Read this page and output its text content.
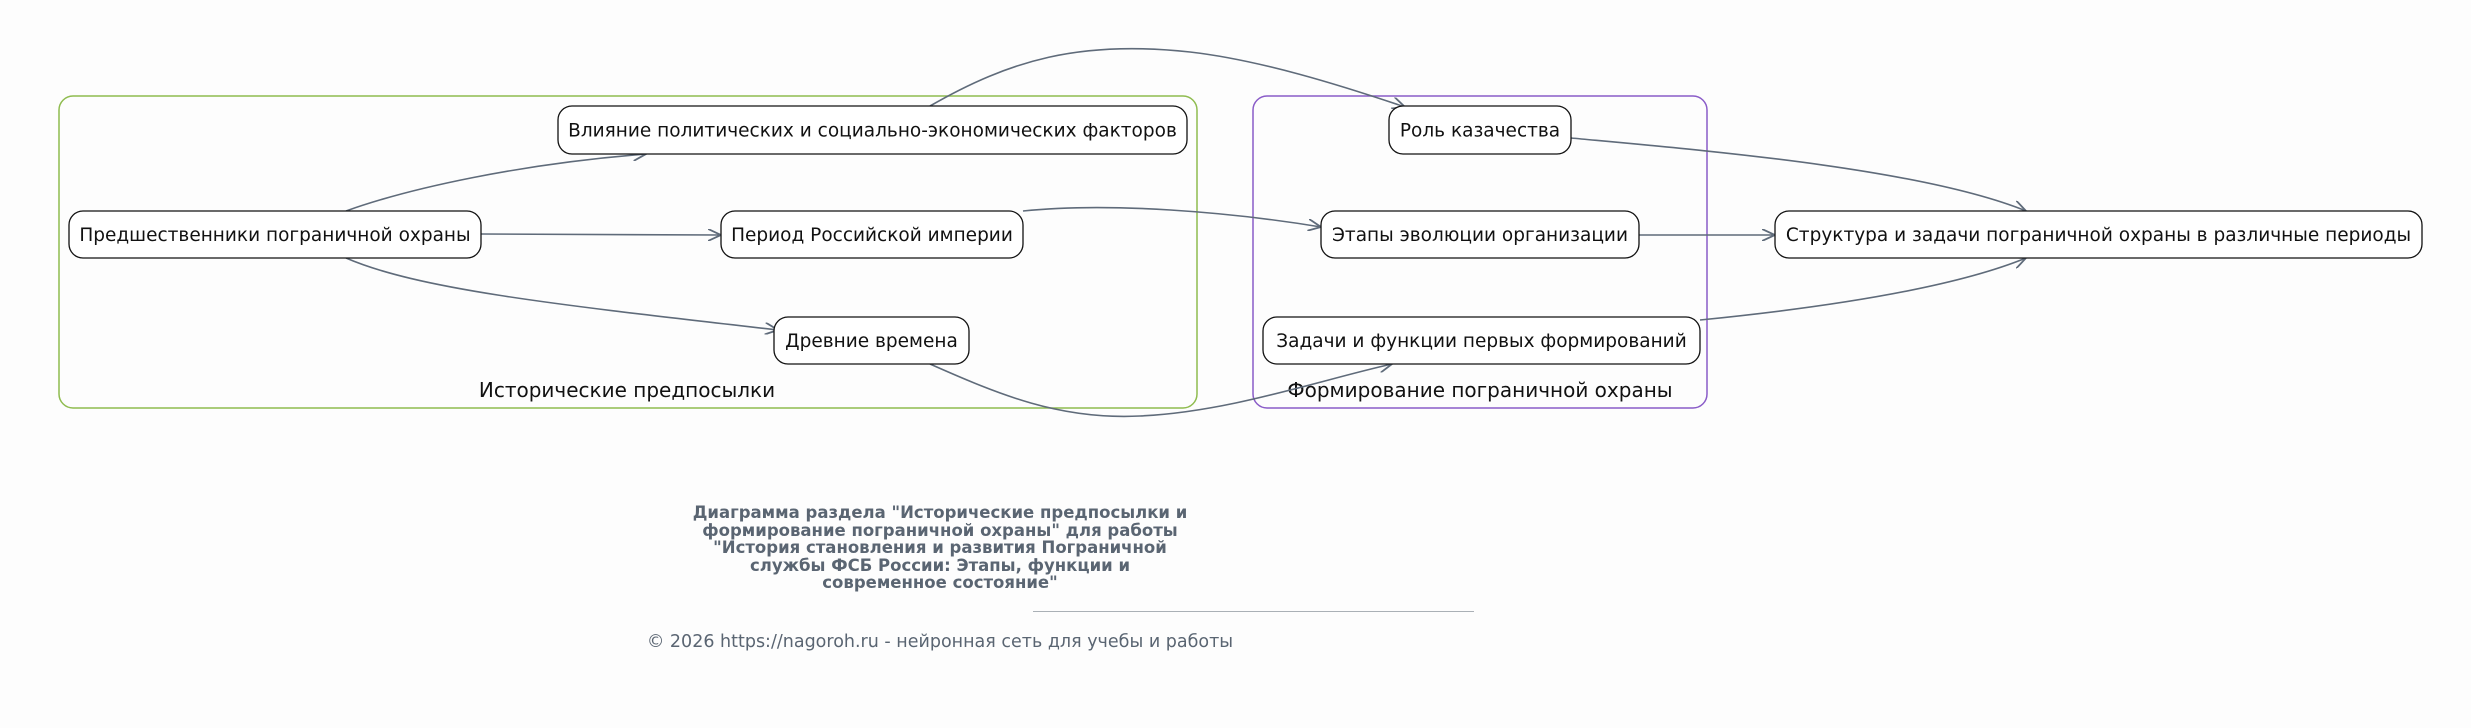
Исторические предпосылки	Формирование пограничной охраны
Предшественники пограничной охраны
Влияние политических и социально-экономических факторов
Период Российской империи
Древние времена
Роль казачества
Этапы эволюции организации
Задачи и функции первых формирований
Структура и задачи пограничной охраны в различные периоды
Диаграмма раздела "Исторические предпосылки и
формирование пограничной охраны" для работы
"История становления и развития Пограничной
службы ФСБ России: Этапы, функции и
современное состояние"
© 2026 https://nagoroh.ru - нейронная сеть для учебы и работы
